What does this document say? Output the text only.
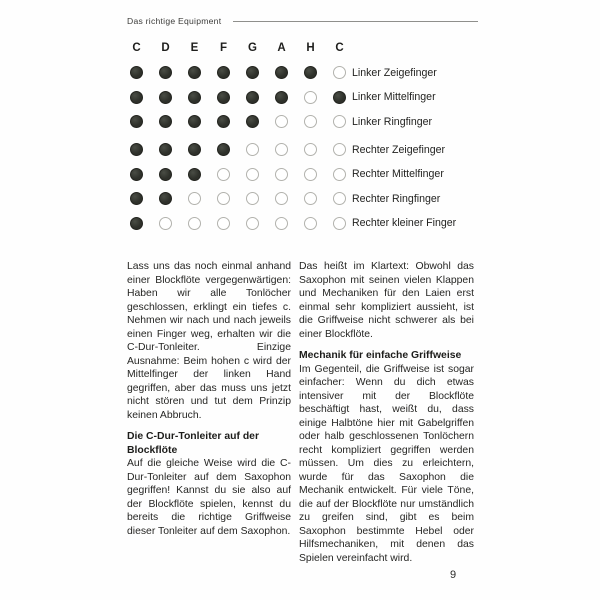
Das richtige Equipment
C D E F G A H C
Linker Zeigefinger
Linker Mittelfinger
Linker Ringfinger
Rechter Zeigefinger
Rechter Mittelfinger
Rechter Ringfinger
Rechter kleiner Finger

Lass uns das noch einmal anhand einer Blockflöte vergegenwärtigen: Haben wir alle Tonlöcher geschlossen, erklingt ein tiefes c. Nehmen wir nach und nach jeweils einen Finger weg, erhalten wir die C-Dur-Tonleiter. Einzige Ausnahme: Beim hohen c wird der Mittelfinger der linken Hand gegriffen, aber das muss uns jetzt nicht stören und tut dem Prinzip keinen Abbruch.

Die C-Dur-Tonleiter auf der Blockflöte

Auf die gleiche Weise wird die C-Dur-Tonleiter auf dem Saxophon gegriffen! Kannst du sie also auf der Blockflöte spielen, kennst du bereits die richtige Griffweise dieser Tonleiter auf dem Saxophon.

Das heißt im Klartext: Obwohl das Saxophon mit seinen vielen Klappen und Mechaniken für den Laien erst einmal sehr kompliziert aussieht, ist die Griffweise nicht schwerer als bei einer Blockflöte.

Mechanik für einfache Griffweise

Im Gegenteil, die Griffweise ist sogar einfacher: Wenn du dich etwas intensiver mit der Blockflöte beschäftigt hast, weißt du, dass einige Halbtöne hier mit Gabelgriffen oder halb geschlossenen Tonlöchern recht kompliziert gegriffen werden müssen. Um dies zu erleichtern, wurde für das Saxophon die Mechanik entwickelt. Für viele Töne, die auf der Blockflöte nur umständlich zu greifen sind, gibt es beim Saxophon bestimmte Hebel oder Hilfsmechaniken, mit denen das Spielen vereinfacht wird.

9
